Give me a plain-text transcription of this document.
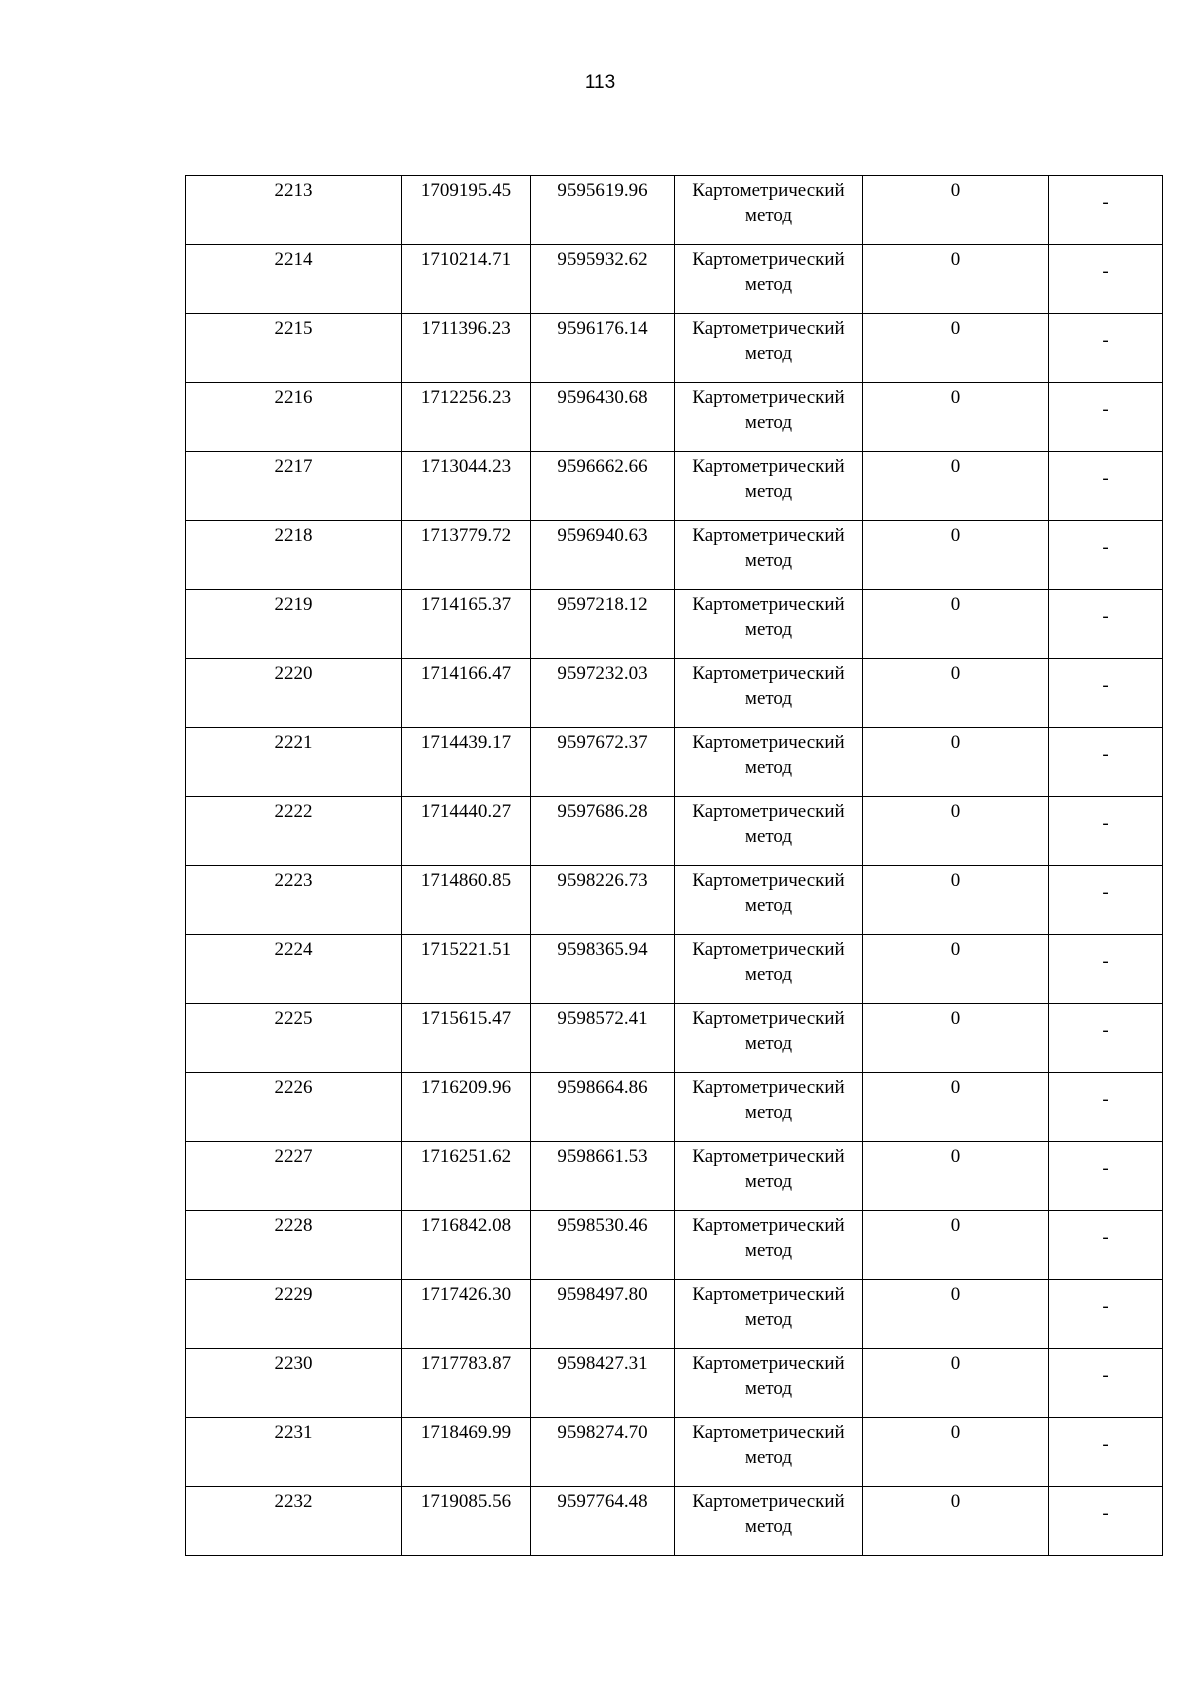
113
2213	1709195.45	9595619.96	Картометрический метод	0	-
2214	1710214.71	9595932.62	Картометрический метод	0	-
2215	1711396.23	9596176.14	Картометрический метод	0	-
2216	1712256.23	9596430.68	Картометрический метод	0	-
2217	1713044.23	9596662.66	Картометрический метод	0	-
2218	1713779.72	9596940.63	Картометрический метод	0	-
2219	1714165.37	9597218.12	Картометрический метод	0	-
2220	1714166.47	9597232.03	Картометрический метод	0	-
2221	1714439.17	9597672.37	Картометрический метод	0	-
2222	1714440.27	9597686.28	Картометрический метод	0	-
2223	1714860.85	9598226.73	Картометрический метод	0	-
2224	1715221.51	9598365.94	Картометрический метод	0	-
2225	1715615.47	9598572.41	Картометрический метод	0	-
2226	1716209.96	9598664.86	Картометрический метод	0	-
2227	1716251.62	9598661.53	Картометрический метод	0	-
2228	1716842.08	9598530.46	Картометрический метод	0	-
2229	1717426.30	9598497.80	Картометрический метод	0	-
2230	1717783.87	9598427.31	Картометрический метод	0	-
2231	1718469.99	9598274.70	Картометрический метод	0	-
2232	1719085.56	9597764.48	Картометрический метод	0	-
